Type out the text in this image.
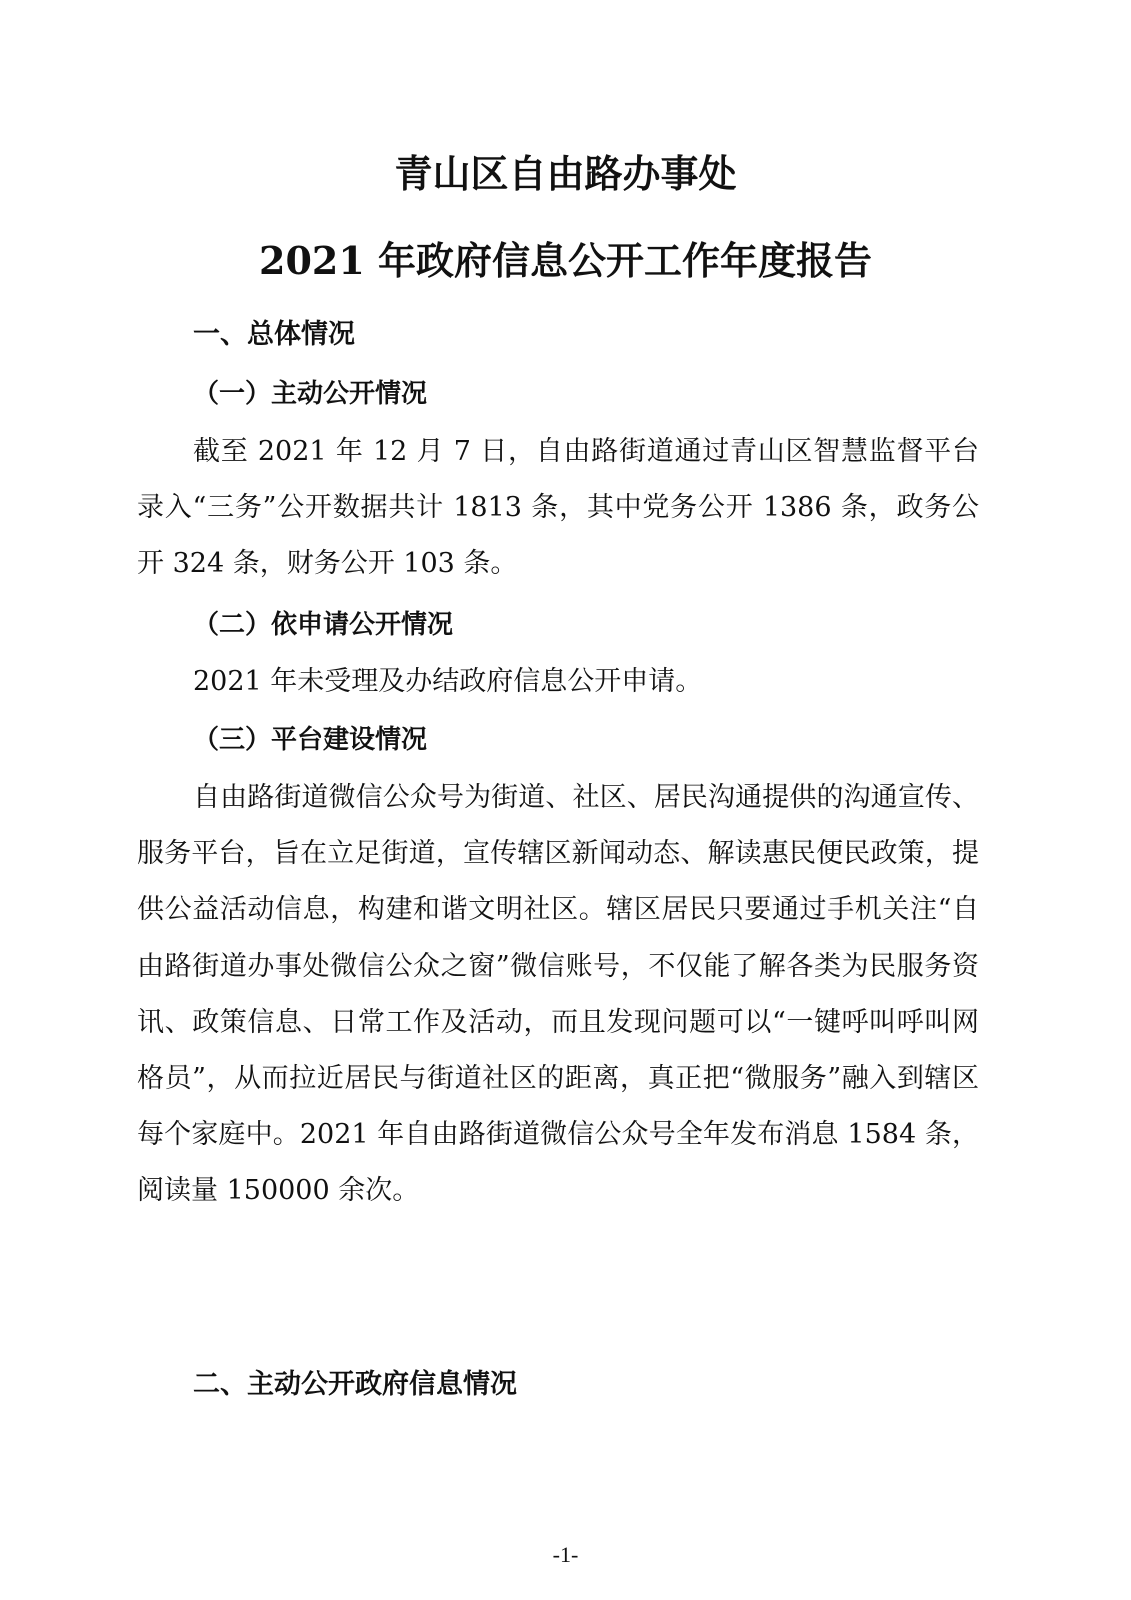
青山区自由路办事处
2021 年政府信息公开工作年度报告
一、总体情况
（一）主动公开情况

截至 2021 年 12 月 7 日，自由路街道通过青山区智慧监督平台录入“三务”公开数据共计 1813 条，其中党务公开 1386 条，政务公开 324 条，财务公开 103 条。

（二）依申请公开情况

2021 年未受理及办结政府信息公开申请。

（三）平台建设情况

自由路街道微信公众号为街道、社区、居民沟通提供的沟通宣传、服务平台，旨在立足街道，宣传辖区新闻动态、解读惠民便民政策，提供公益活动信息，构建和谐文明社区。辖区居民只要通过手机关注“自由路街道办事处微信公众之窗”微信账号，不仅能了解各类为民服务资讯、政策信息、日常工作及活动，而且发现问题可以“一键呼叫呼叫网格员”，从而拉近居民与街道社区的距离，真正把“微服务”融入到辖区每个家庭中。2021 年自由路街道微信公众号全年发布消息 1584 条，阅读量 150000 余次。

二、主动公开政府信息情况
-1-
